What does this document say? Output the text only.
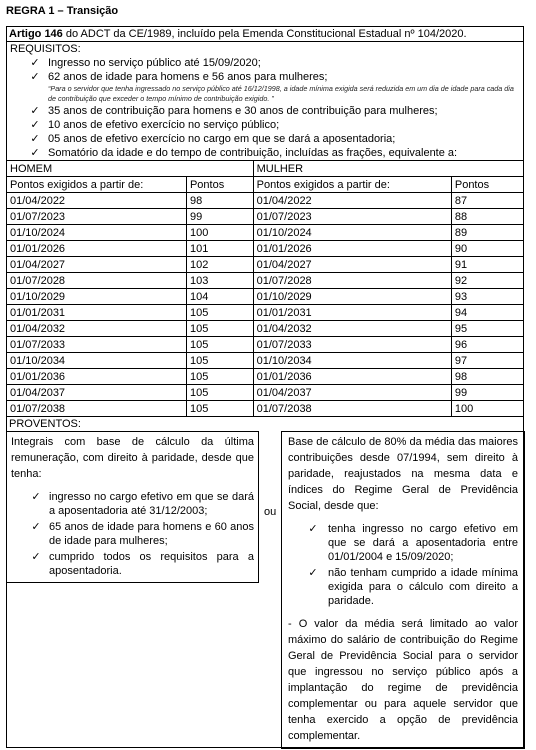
REGRA 1 – Transição
Artigo 146 do ADCT da CE/1989, incluído pela Emenda Constitucional Estadual nº 104/2020.
REQUISITOS:
✓ Ingresso no serviço público até 15/09/2020;
✓ 62 anos de idade para homens e 56 anos para mulheres;
“Para o servidor que tenha ingressado no serviço público até 16/12/1998, a idade mínima exigida será reduzida em um dia de idade para cada dia de contribuição que exceder o tempo mínimo de contribuição exigido. ”
✓ 35 anos de contribuição para homens e 30 anos de contribuição para mulheres;
✓ 10 anos de efetivo exercício no serviço público;
✓ 05 anos de efetivo exercício no cargo em que se dará a aposentadoria;
✓ Somatório da idade e do tempo de contribuição, incluídas as frações, equivalente a:
HOMEM		MULHER	
Pontos exigidos a partir de:	Pontos	Pontos exigidos a partir de:	Pontos
01/04/2022	98	01/04/2022	87
01/07/2023	99	01/07/2023	88
01/10/2024	100	01/10/2024	89
01/01/2026	101	01/01/2026	90
01/04/2027	102	01/04/2027	91
01/07/2028	103	01/07/2028	92
01/10/2029	104	01/10/2029	93
01/01/2031	105	01/01/2031	94
01/04/2032	105	01/04/2032	95
01/07/2033	105	01/07/2033	96
01/10/2034	105	01/10/2034	97
01/01/2036	105	01/01/2036	98
01/04/2037	105	01/04/2037	99
01/07/2038	105	01/07/2038	100
PROVENTOS:
Integrais com base de cálculo da última remuneração, com direito à paridade, desde que tenha:
✓ ingresso no cargo efetivo em que se dará a aposentadoria até 31/12/2003;
✓ 65 anos de idade para homens e 60 anos de idade para mulheres;
✓ cumprido todos os requisitos para a aposentadoria.
ou
Base de cálculo de 80% da média das maiores contribuições desde 07/1994, sem direito à paridade, reajustados na mesma data e índices do Regime Geral de Previdência Social, desde que:
✓ tenha ingresso no cargo efetivo em que se dará a aposentadoria entre 01/01/2004 e 15/09/2020;
✓ não tenham cumprido a idade mínima exigida para o cálculo com direito a paridade.
- O valor da média será limitado ao valor máximo do salário de contribuição do Regime Geral de Previdência Social para o servidor que ingressou no serviço público após a implantação do regime de previdência complementar ou para aquele servidor que tenha exercido a opção de previdência complementar.
